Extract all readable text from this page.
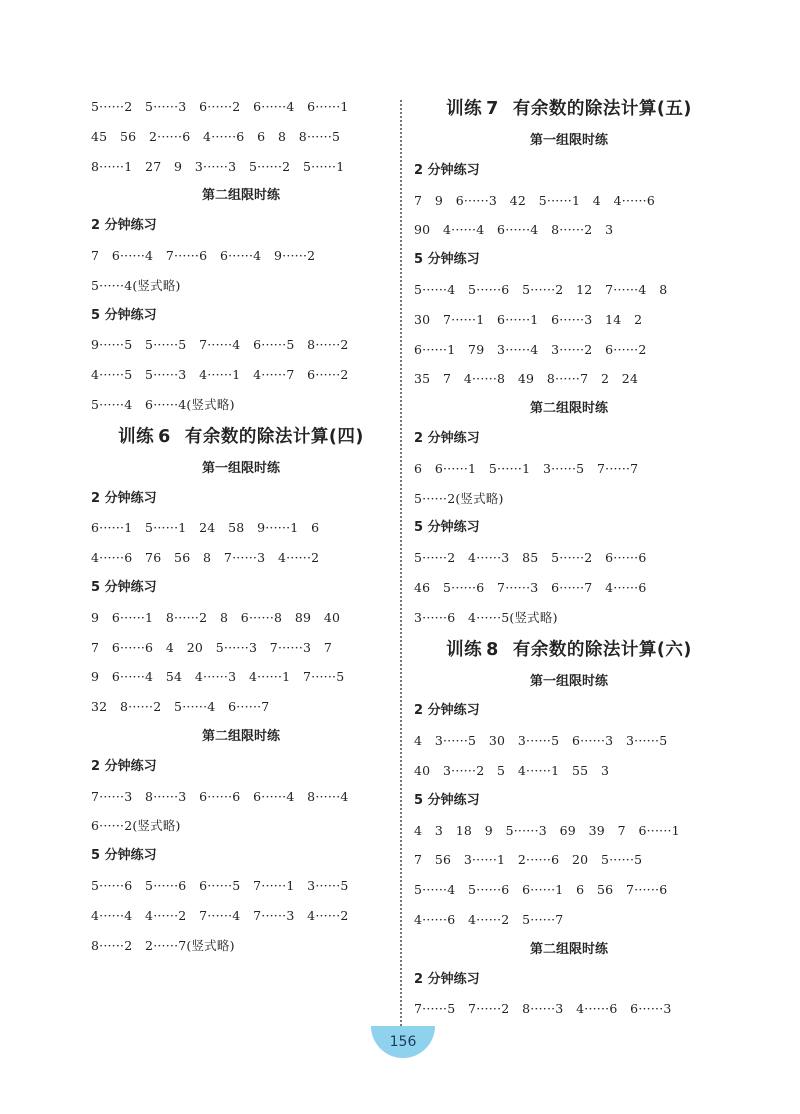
5······2　5······3　6······2　6······4　6······1
45　56　2······6　4······6　6　8　8······5
8······1　27　9　3······3　5······2　5······1
第二组限时练
2 分钟练习
7　6······4　7······6　6······4　9······2
5······4(竖式略)
5 分钟练习
9······5　5······5　7······4　6······5　8······2
4······5　5······3　4······1　4······7　6······2
5······4　6······4(竖式略)
训练 6 有余数的除法计算(四)
第一组限时练
2 分钟练习
6······1　5······1　24　58　9······1　6
4······6　76　56　8　7······3　4······2
5 分钟练习
9　6······1　8······2　8　6······8　89　40
7　6······6　4　20　5······3　7······3　7
9　6······4　54　4······3　4······1　7······5
32　8······2　5······4　6······7
第二组限时练
2 分钟练习
7······3　8······3　6······6　6······4　8······4
6······2(竖式略)
5 分钟练习
5······6　5······6　6······5　7······1　3······5
4······4　4······2　7······4　7······3　4······2
8······2　2······7(竖式略)
训练 7 有余数的除法计算(五)
第一组限时练
2 分钟练习
7　9　6······3　42　5······1　4　4······6
90　4······4　6······4　8······2　3
5 分钟练习
5······4　5······6　5······2　12　7······4　8
30　7······1　6······1　6······3　14　2
6······1　79　3······4　3······2　6······2
35　7　4······8　49　8······7　2　24
第二组限时练
2 分钟练习
6　6······1　5······1　3······5　7······7
5······2(竖式略)
5 分钟练习
5······2　4······3　85　5······2　6······6
46　5······6　7······3　6······7　4······6
3······6　4······5(竖式略)
训练 8 有余数的除法计算(六)
第一组限时练
2 分钟练习
4　3······5　30　3······5　6······3　3······5
40　3······2　5　4······1　55　3
5 分钟练习
4　3　18　9　5······3　69　39　7　6······1
7　56　3······1　2······6　20　5······5
5······4　5······6　6······1　6　56　7······6
4······6　4······2　5······7
第二组限时练
2 分钟练习
7······5　7······2　8······3　4······6　6······3
156
